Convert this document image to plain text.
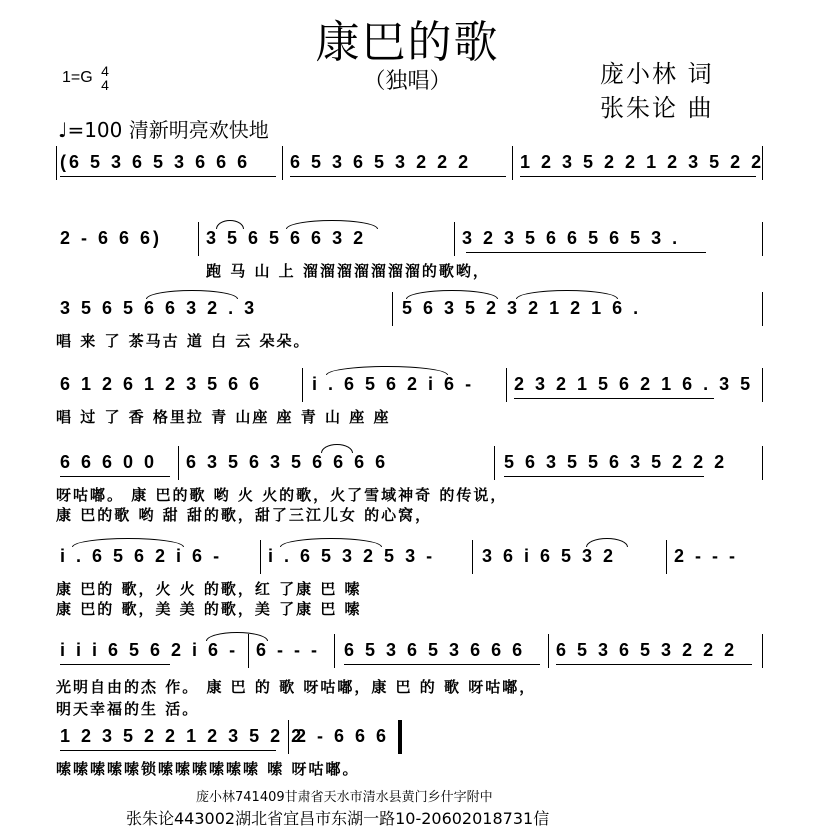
康巴的歌
（独唱）	庞小林 词
张朱论 曲
1=G 4
4
♩=100 清新明亮欢快地
(6 5 3 6 5 3 6 6 6 6 5 3 6 5 3 2 2 2	1 2 3 5 2 2 1 2 3 5 2 2
2 - 6 6 6) 3 5 6 5 6 6 3 2	3 2 3 5 6 6 5 6 5 3 .
跑 马 山 上 溜溜溜溜溜溜溜的歌哟，
3 5 6 5 6 6 3 2 . 3	5 6 3 5 2 3 2 1 2 1 6 .
唱 来 了 茶马古 道 白 云 朵朵。
6 1 2 6 1 2 3 5 6 6	i . 6 5 6 2 i 6 - 2 3 2 1 5 6 2 1 6 . 3 5
唱 过 了 香 格里拉 青 山座 座 青 山 座 座
6 6 6 0 0 6 3 5 6 3 5 6 6 6 6	5 6 3 5 5 6 3 5 2 2 2
呀咕嘟。 康 巴的歌 哟 火 火的歌，火了雪域神奇 的传说，
康 巴的歌 哟 甜 甜的歌，甜了三江儿女 的心窝，
i . 6 5 6 2 i 6 -	i . 6 5 3 2 5 3 -	3 6 i 6 5 3 2	2 - - -
康 巴的 歌，火 火 的歌，红 了康 巴 嗦
康 巴的 歌，美 美 的歌，美 了康 巴 嗦
i i i 6 5 6 2 i 6 - 6 - - - 6 5 3 6 5 3 6 6 6 6 5 3 6 5 3 2 2 2
光明自由的杰 作。 康 巴 的 歌 呀咕嘟，康 巴 的 歌 呀咕嘟，
明天幸福的生 活。
1 2 3 5 2 2 1 2 3 5 2 2
2 - 6 6 6
嗦嗦嗦嗦嗦锁嗦嗦嗦嗦嗦嗦 嗦 呀咕嘟。
庞小林741409甘肃省天水市清水县黄门乡什字附中
张朱论443002湖北省宜昌市东湖一路10-20602018731信
